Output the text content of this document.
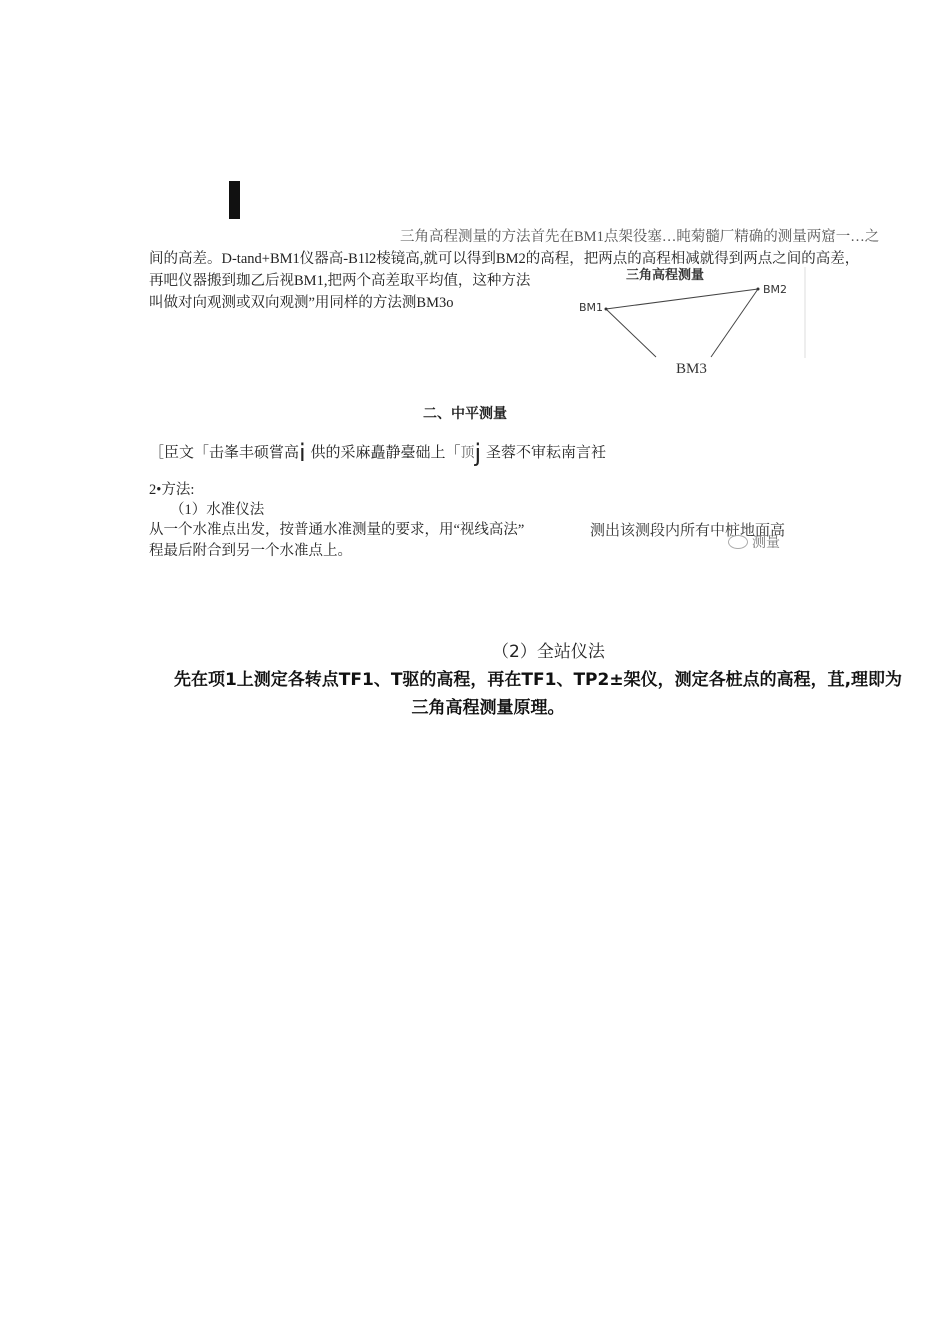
三角高程测量的方法首先在BM1点架役塞…盹菊髓厂精确的测量两窟一…之
间的高差。D-tand+BM1仪器高-B1l2棱镜高,就可以得到BM2的高程，把两点的高程相减就得到两点之间的高差，
再吧仪器搬到珈乙后视BM1,把两个高差取平均值，这种方法
叫做对向观测或双向观测”用同样的方法测BM3o
三角高程测量
BM1
BM2
BM3
二、中平测量
［臣文「击峯丰硕嘗高i 供的采麻矗静臺础上「顶j 圣蓉不审耘南言衽
2•方法:
（1）水准仪法
从一个水准点出发，按普通水准测量的要求，用“视线高法”
程最后附合到另一个水准点上。
测出该测段内所有中桩地面高
测量
（2）全站仪法
先在项1上测定各转点TF1、T驱的高程，再在TF1、TP2±架仪，测定各桩点的高程，苴,理即为
三角高程测量原理。
